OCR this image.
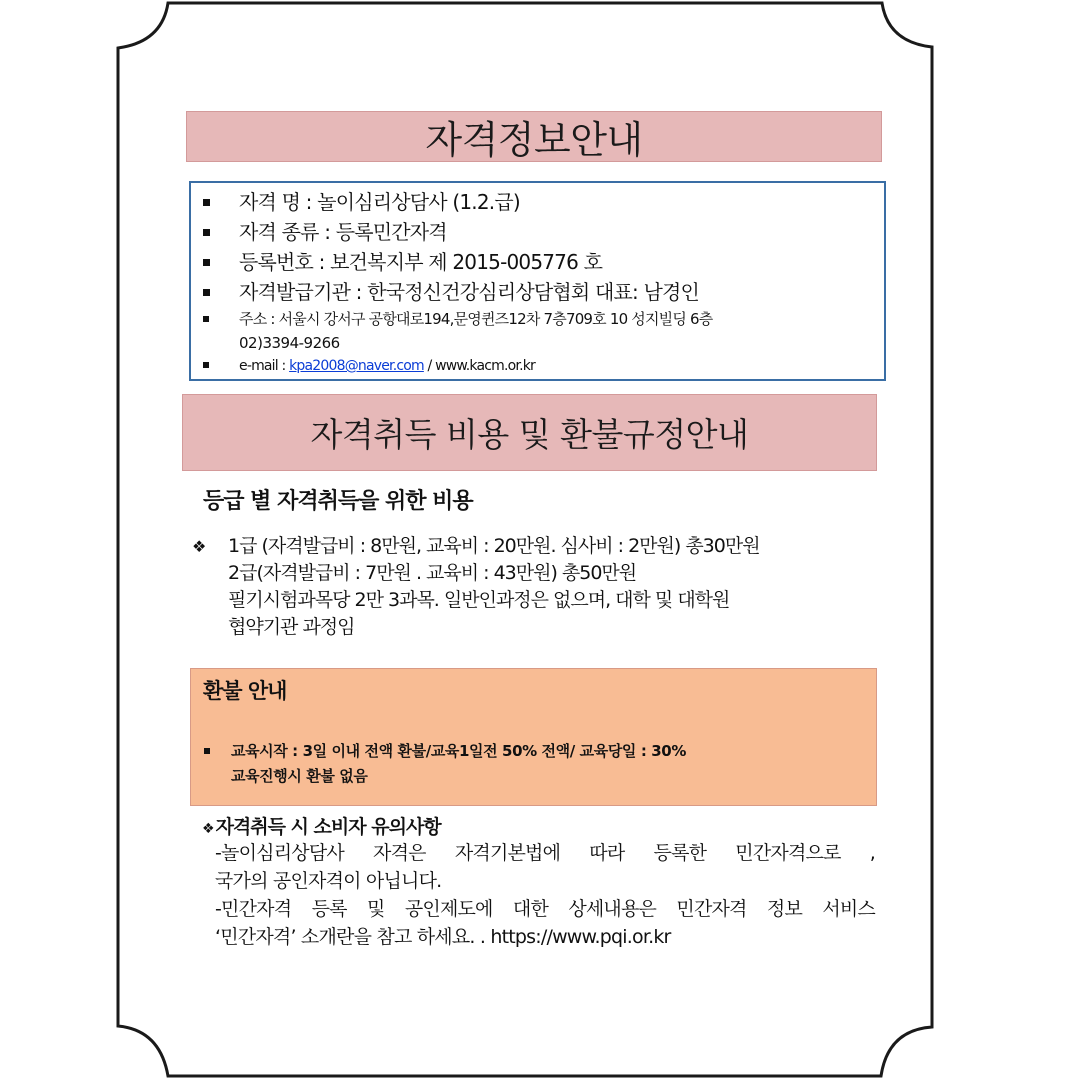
자격정보안내
자격 명 : 놀이심리상담사 (1.2.급)
자격 종류 : 등록민간자격
등록번호 : 보건복지부 제 2015-005776 호
자격발급기관 : 한국정신건강심리상담협회 대표: 남경인
주소 : 서울시 강서구 공항대로194,문영퀸즈12차 7층709호 10 성지빌딩 6층
02)3394-9266
e-mail : kpa2008@naver.com / www.kacm.or.kr
자격취득 비용 및 환불규정안내
등급 별 자격취득을 위한 비용
❖ 1급 (자격발급비 : 8만원, 교육비 : 20만원. 심사비 : 2만원) 총30만원
2급(자격발급비 : 7만원 . 교육비 : 43만원) 총50만원
필기시험과목당 2만 3과목. 일반인과정은 없으며, 대학 및 대학원
협약기관 과정임
환불 안내
교육시작 : 3일 이내 전액 환불/교육1일전 50% 전액/ 교육당일 : 30%
교육진행시 환불 없음
❖ 자격취득 시 소비자 유의사항
-놀이심리상담사 자격은 자격기본법에 따라 등록한 민간자격으로 ,
국가의 공인자격이 아닙니다.
-민간자격 등록 및 공인제도에 대한 상세내용은 민간자격 정보 서비스
‘민간자격’ 소개란을 참고 하세요. . https://www.pqi.or.kr
